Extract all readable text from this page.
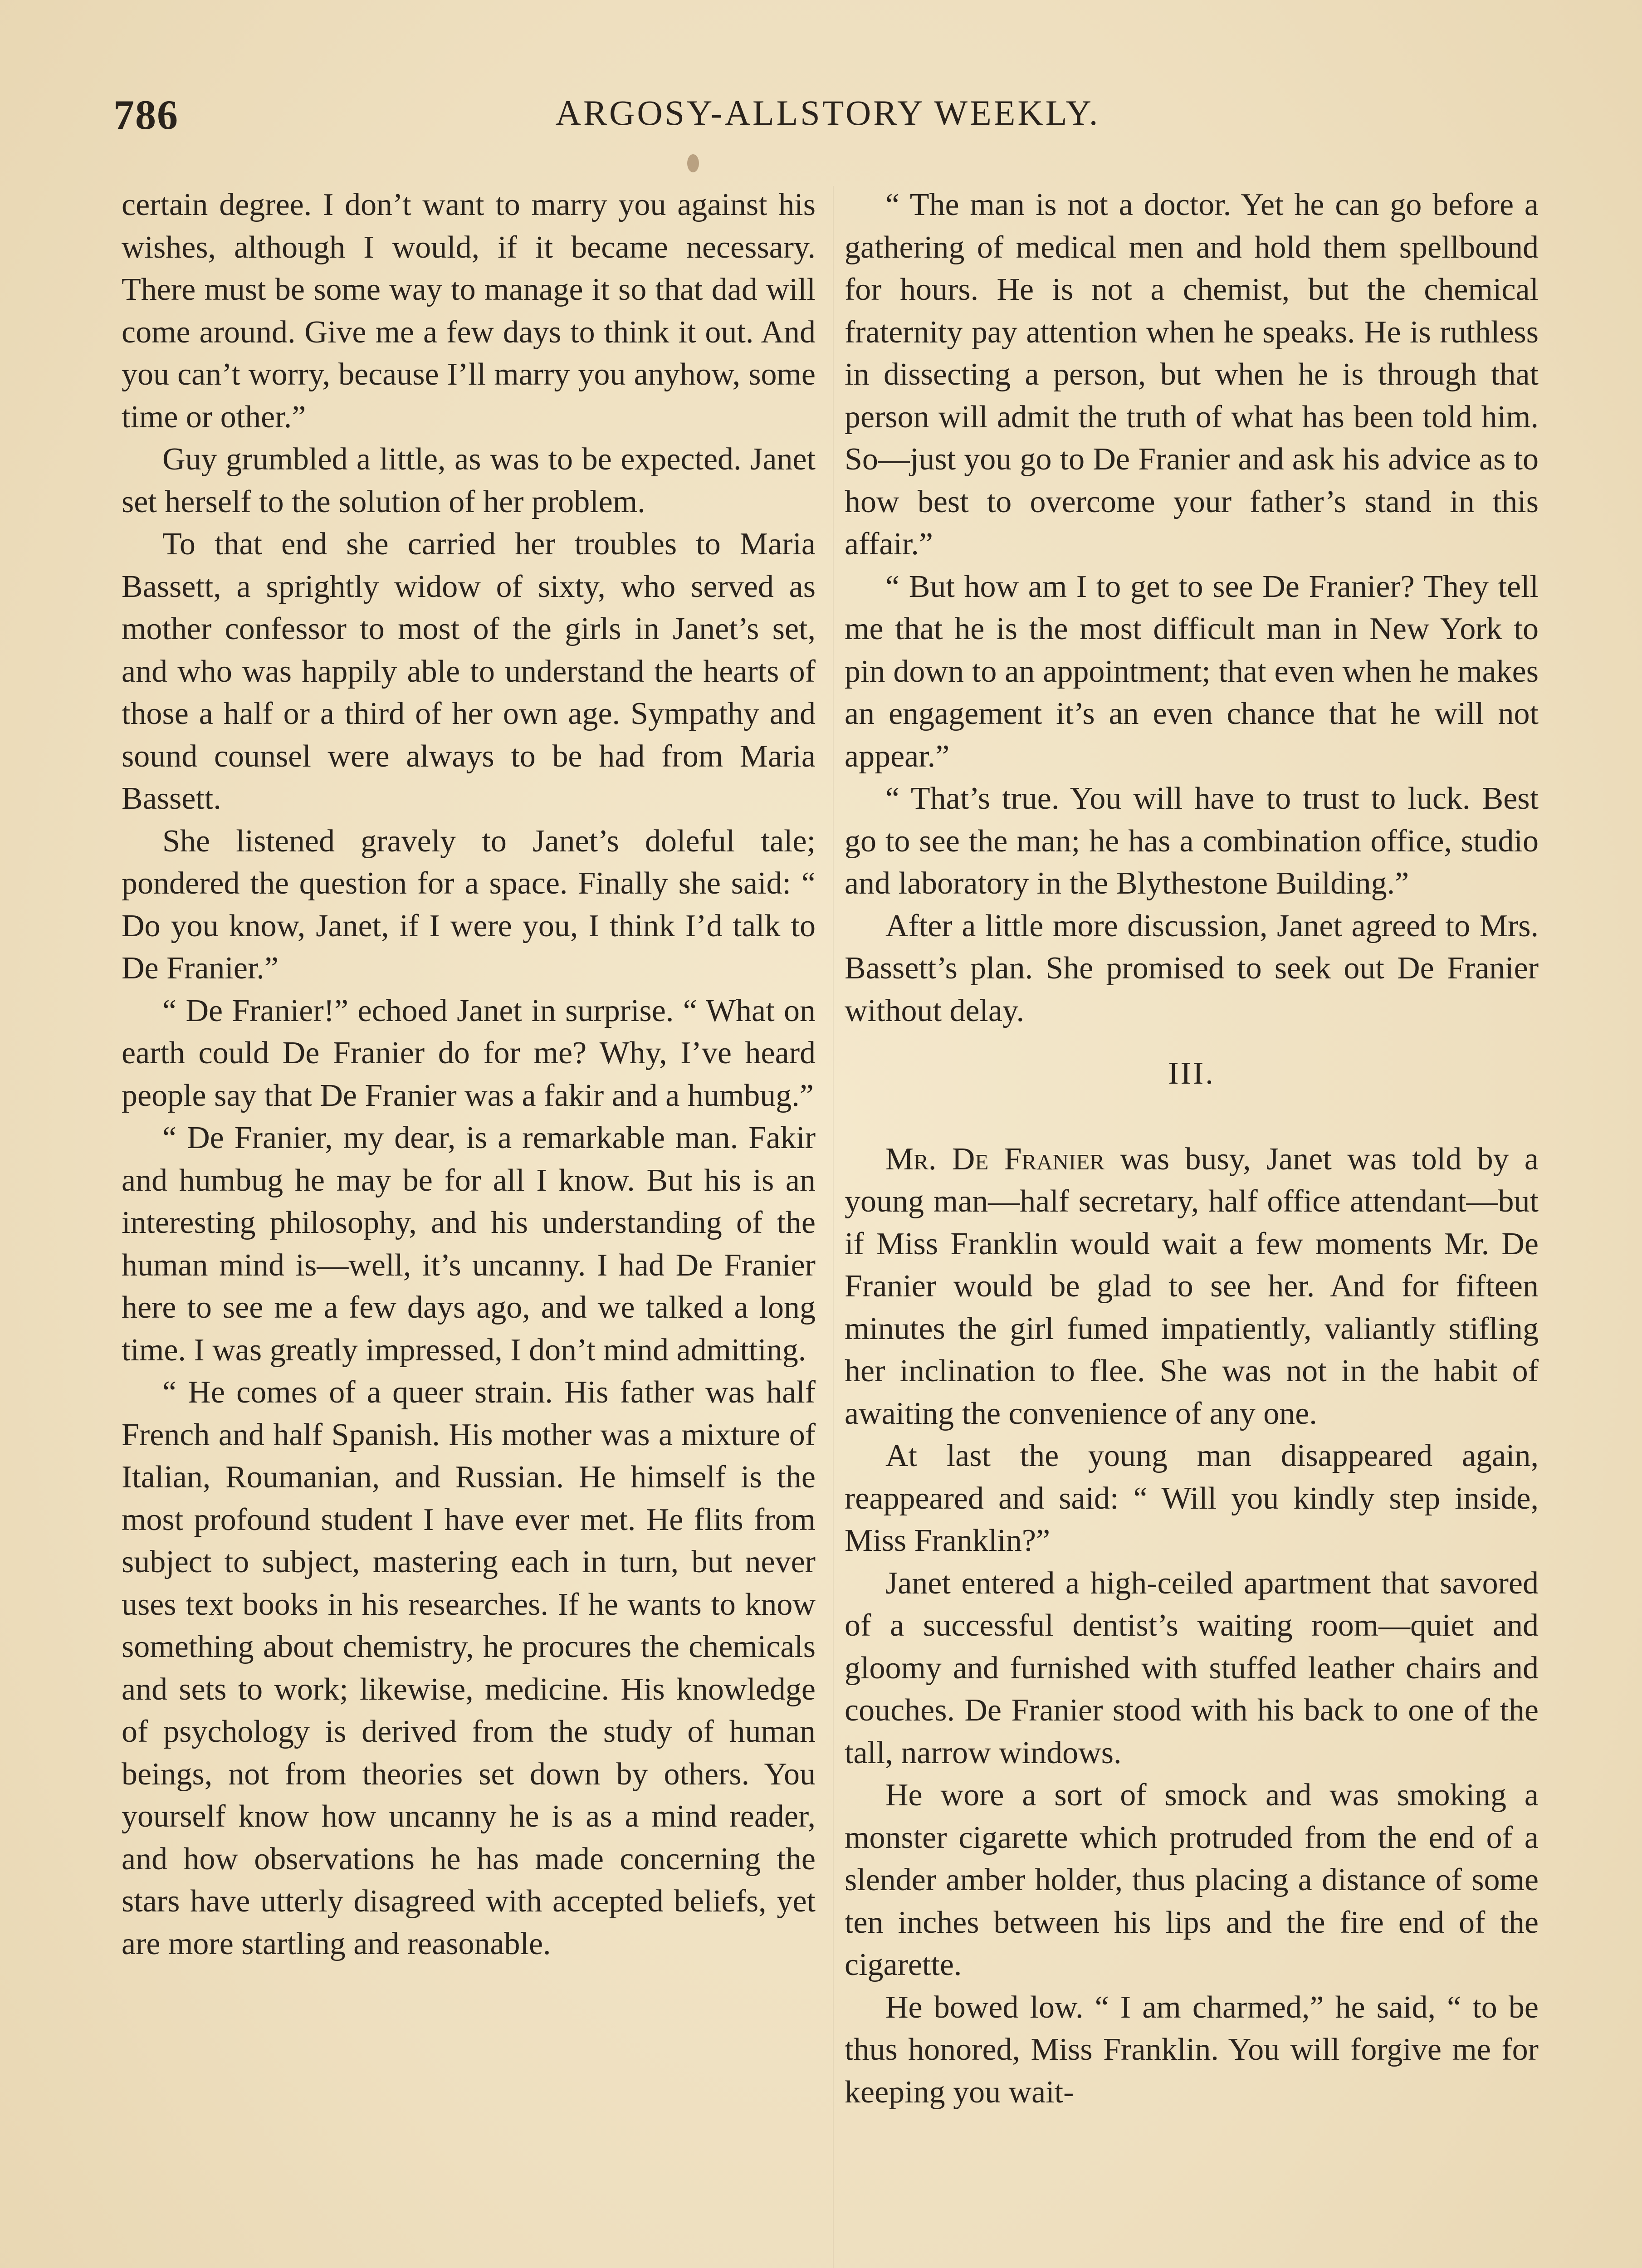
786	ARGOSY-ALLSTORY WEEKLY.

certain degree. I don’t want to marry you against his wishes, although I would, if it became necessary. There must be some way to manage it so that dad will come around. Give me a few days to think it out. And you can’t worry, because I’ll marry you anyhow, some time or other.”

Guy grumbled a little, as was to be expected. Janet set herself to the solution of her problem.

To that end she carried her troubles to Maria Bassett, a sprightly widow of sixty, who served as mother confessor to most of the girls in Janet’s set, and who was happily able to understand the hearts of those a half or a third of her own age. Sympathy and sound counsel were always to be had from Maria Bassett.

She listened gravely to Janet’s doleful tale; pondered the question for a space. Finally she said: “ Do you know, Janet, if I were you, I think I’d talk to De Franier.”

“ De Franier!” echoed Janet in surprise. “ What on earth could De Franier do for me? Why, I’ve heard people say that De Franier was a fakir and a humbug.”

“ De Franier, my dear, is a remarkable man. Fakir and humbug he may be for all I know. But his is an interesting philosophy, and his understanding of the human mind is—well, it’s uncanny. I had De Franier here to see me a few days ago, and we talked a long time. I was greatly impressed, I don’t mind admitting.

“ He comes of a queer strain. His father was half French and half Spanish. His mother was a mixture of Italian, Roumanian, and Russian. He himself is the most profound student I have ever met. He flits from subject to subject, mastering each in turn, but never uses text books in his researches. If he wants to know something about chemistry, he procures the chemicals and sets to work; likewise, medicine. His knowledge of psychology is derived from the study of human beings, not from theories set down by others. You yourself know how uncanny he is as a mind reader, and how observations he has made concerning the stars have utterly disagreed with accepted beliefs, yet are more startling and reasonable.

“ The man is not a doctor. Yet he can go before a gathering of medical men and hold them spellbound for hours. He is not a chemist, but the chemical fraternity pay attention when he speaks. He is ruthless in dissecting a person, but when he is through that person will admit the truth of what has been told him. So—just you go to De Franier and ask his advice as to how best to overcome your father’s stand in this affair.”

“ But how am I to get to see De Franier? They tell me that he is the most difficult man in New York to pin down to an appointment; that even when he makes an engagement it’s an even chance that he will not appear.”

“ That’s true. You will have to trust to luck. Best go to see the man; he has a combination office, studio and laboratory in the Blythestone Building.”

After a little more discussion, Janet agreed to Mrs. Bassett’s plan. She promised to seek out De Franier without delay.

III.

Mr. De Franier was busy, Janet was told by a young man—half secretary, half office attendant—but if Miss Franklin would wait a few moments Mr. De Franier would be glad to see her. And for fifteen minutes the girl fumed impatiently, valiantly stifling her inclination to flee. She was not in the habit of awaiting the convenience of any one.

At last the young man disappeared again, reappeared and said: “ Will you kindly step inside, Miss Franklin?”

Janet entered a high-ceiled apartment that savored of a successful dentist’s waiting room—quiet and gloomy and furnished with stuffed leather chairs and couches. De Franier stood with his back to one of the tall, narrow windows.

He wore a sort of smock and was smoking a monster cigarette which protruded from the end of a slender amber holder, thus placing a distance of some ten inches between his lips and the fire end of the cigarette.

He bowed low. “ I am charmed,” he said, “ to be thus honored, Miss Franklin. You will forgive me for keeping you wait-
